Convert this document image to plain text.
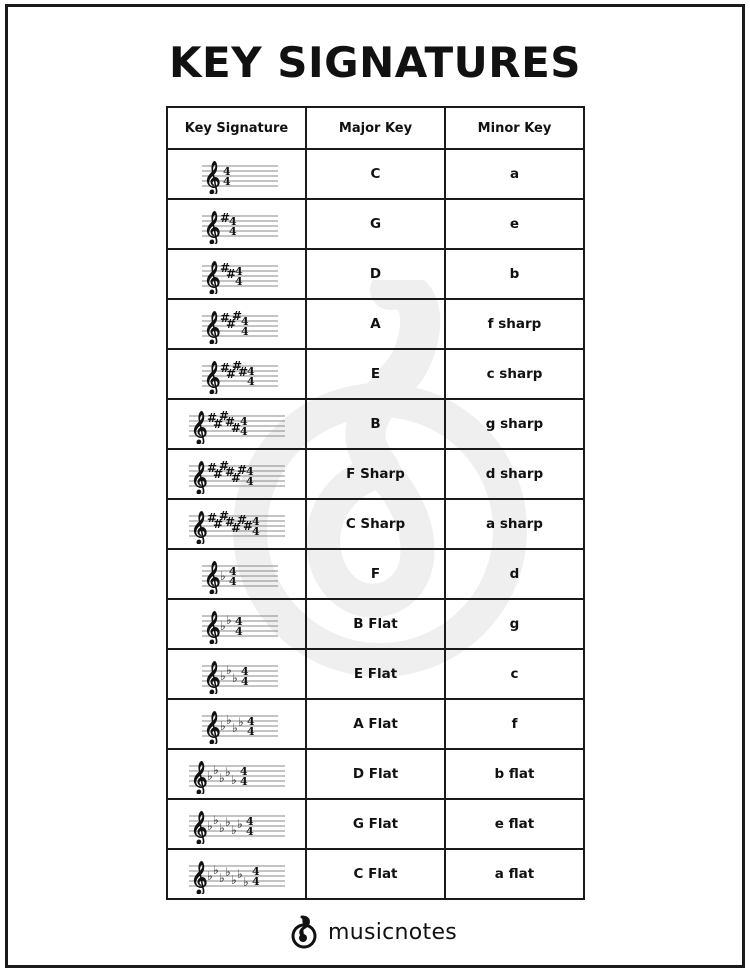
KEY SIGNATURES
Key Signature	Major Key	Minor Key

𝄞 4
4	C	a

𝄞 #
4
4	G	e

𝄞 #
#
4
4	D	b

𝄞 #
#
#
4
4	A	f sharp

𝄞 #
#
#
#
4
4	E	c sharp

𝄞 #
#
#
#
#
4
4	B	g sharp

𝄞 #
#
#
#
#
#
4
4	F Sharp	d sharp

𝄞 #
#
#
#
#
#
#
4
4	C Sharp	a sharp

𝄞 ♭ 4
4	F	d

𝄞 ♭ ♭ 4
4	B Flat	g

𝄞 ♭ ♭
♭ 4
4	E Flat	c

𝄞 ♭ ♭
♭ ♭ 4
4	A Flat	f

𝄞 ♭ ♭
♭ ♭
♭
4
4	D Flat	b flat

𝄞 ♭ ♭
♭ ♭
♭ ♭ 4
4	G Flat	e flat

𝄞 ♭ ♭
♭ ♭
♭ ♭
♭
4
4	C Flat	a flat
musicnotes
